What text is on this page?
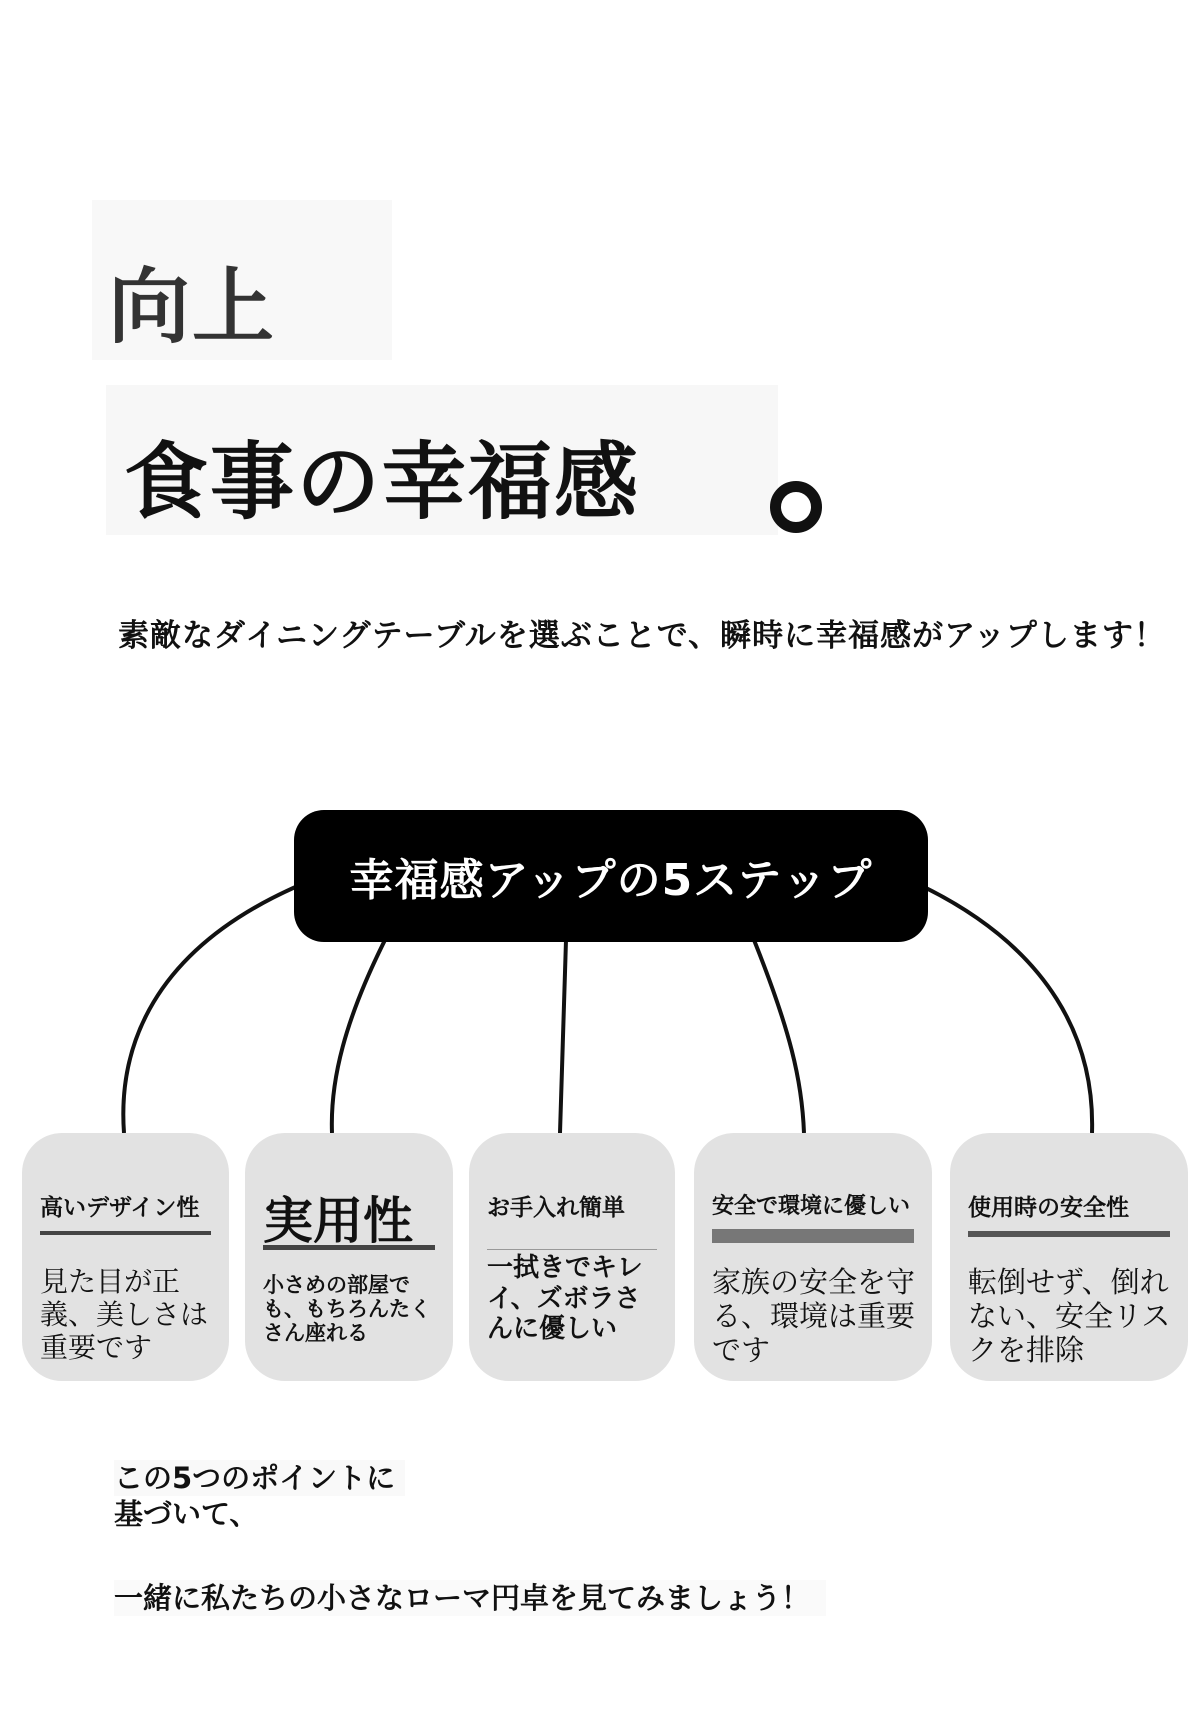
向上
食事の幸福感
素敵なダイニングテーブルを選ぶことで、瞬時に幸福感がアップします！
幸福感アップの5ステップ
高いデザイン性
見た目が正義、美しさは重要です
実用性
小さめの部屋でも、もちろんたくさん座れる
お手入れ簡単
一拭きでキレイ、ズボラさんに優しい
安全で環境に優しい
家族の安全を守る、環境は重要です
使用時の安全性
転倒せず、倒れない、安全リスクを排除
この5つのポイントに
基づいて、
一緒に私たちの小さなローマ円卓を見てみましょう！
